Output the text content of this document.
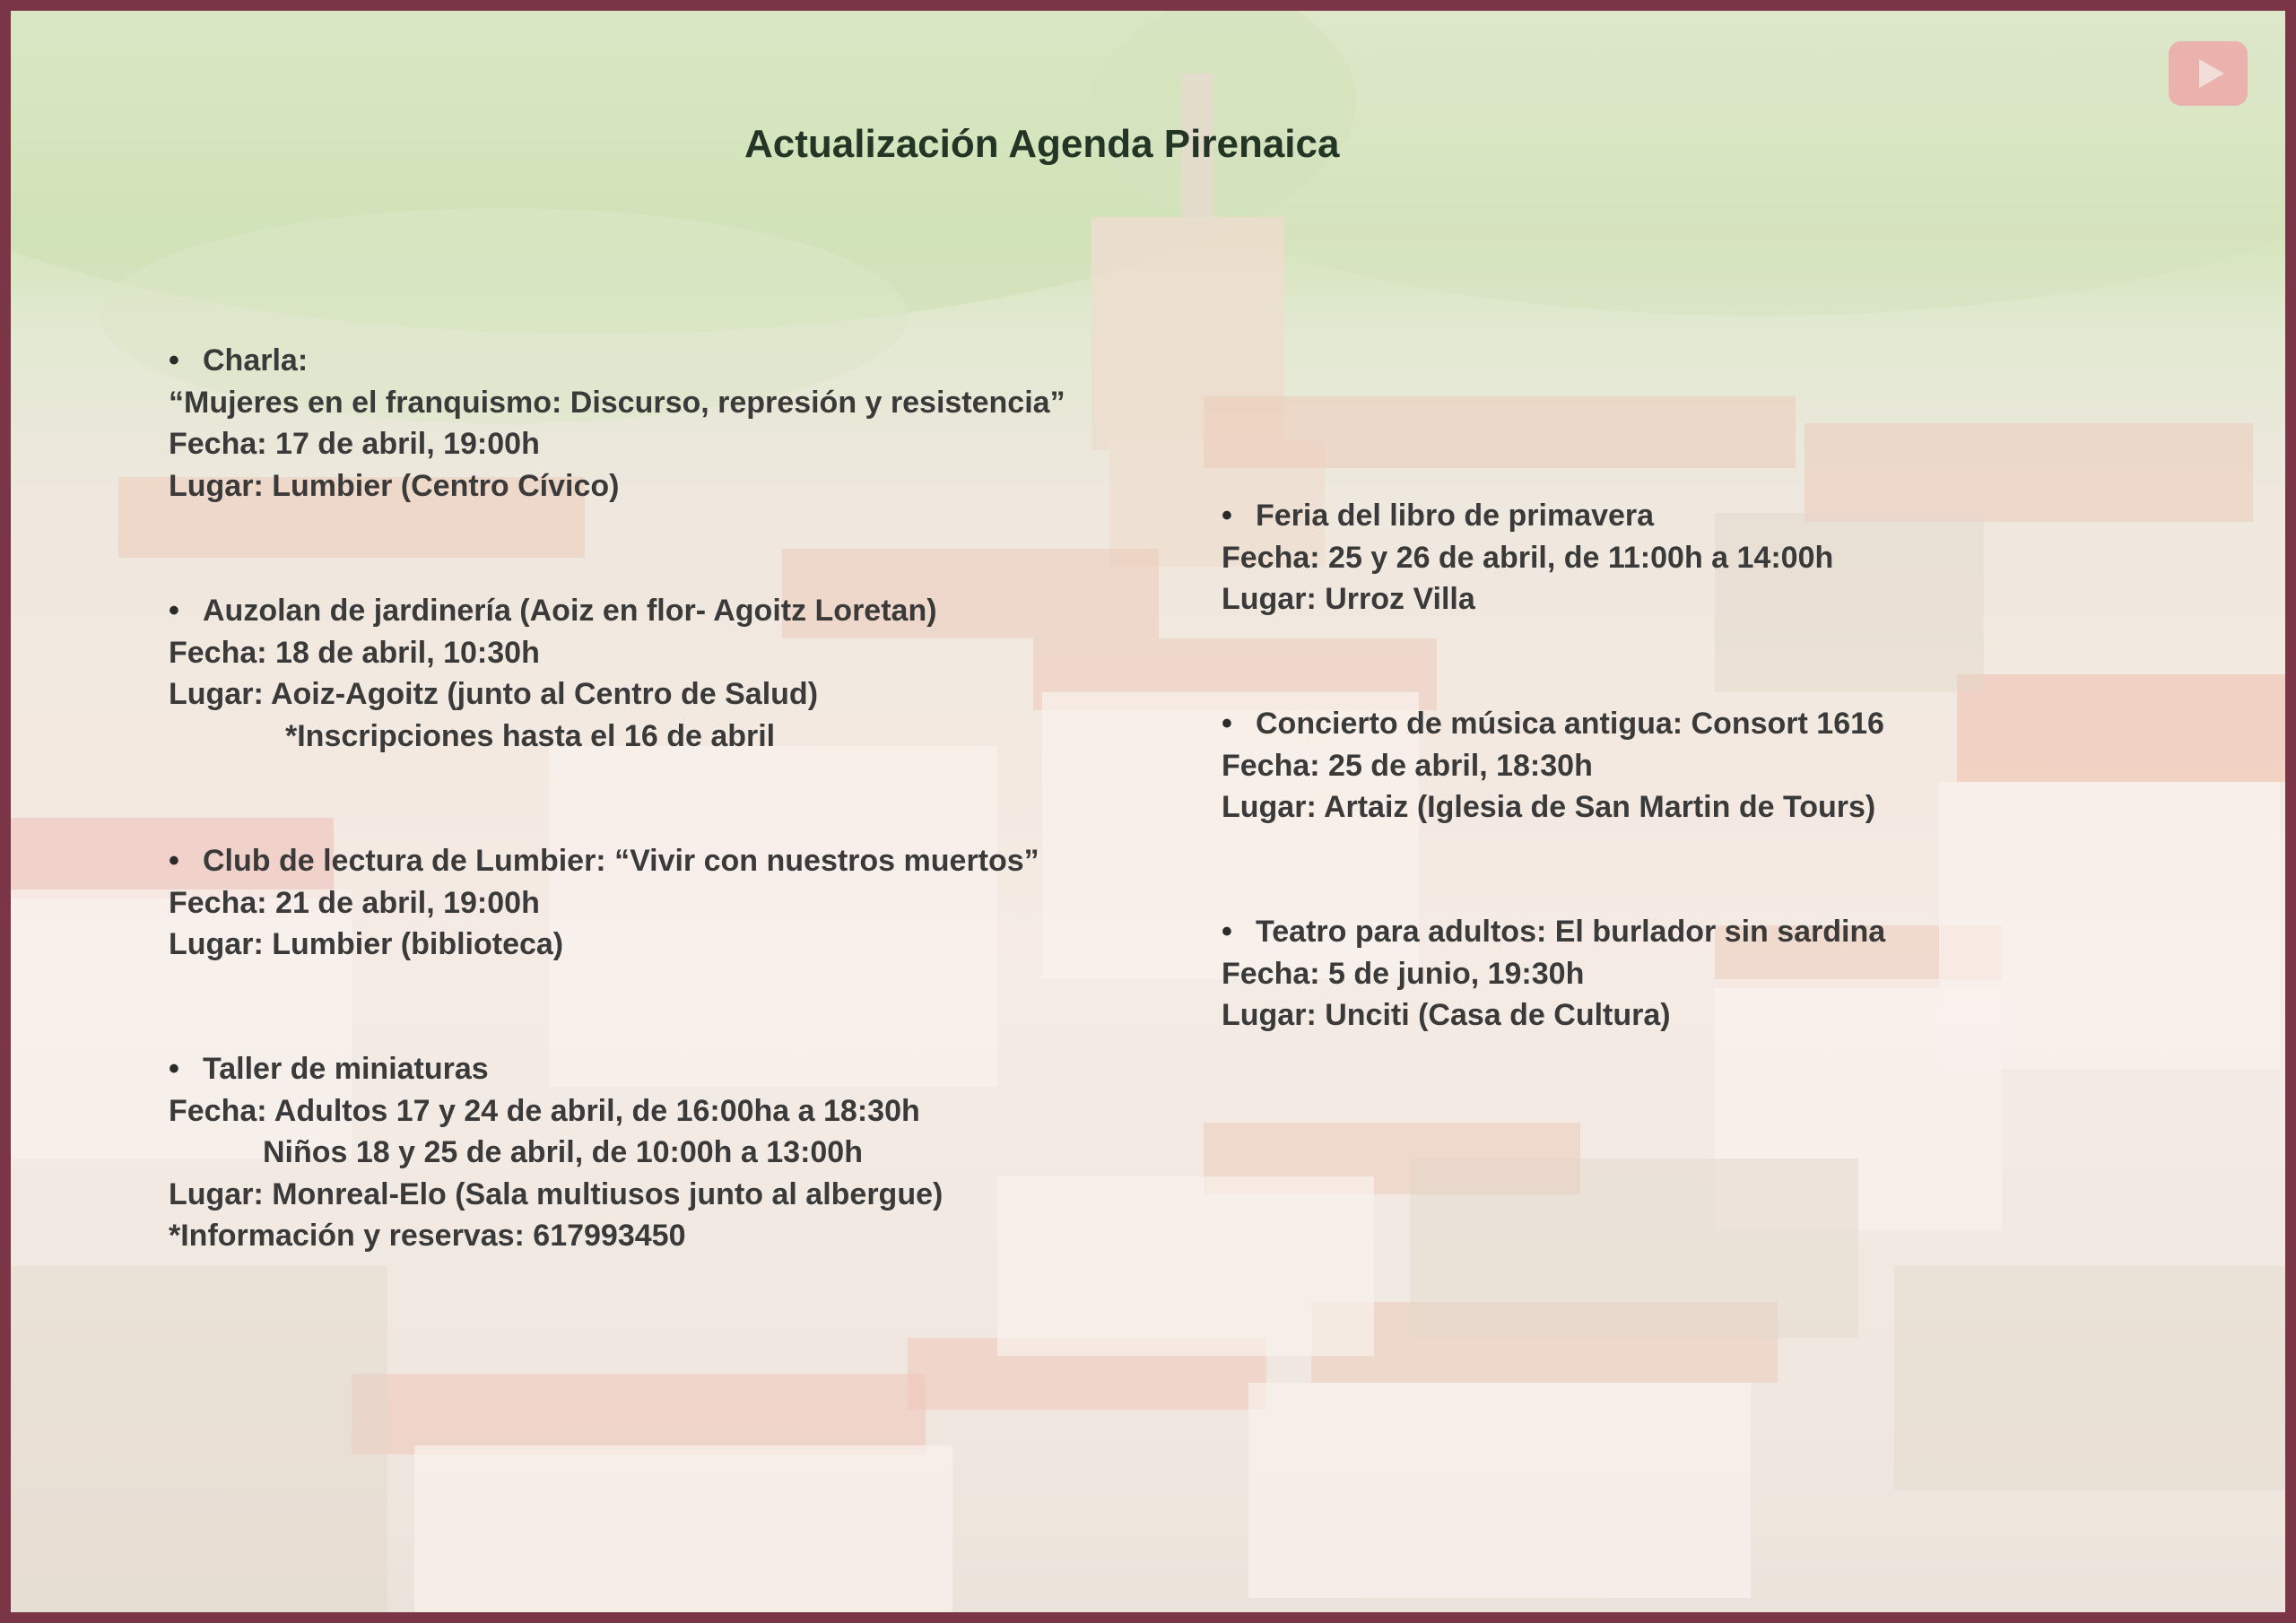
Actualización Agenda Pirenaica
• Charla:
“Mujeres en el franquismo: Discurso, represión y resistencia”
Fecha: 17 de abril, 19:00h
Lugar: Lumbier (Centro Cívico)
• Auzolan de jardinería (Aoiz en flor- Agoitz Loretan)
Fecha: 18 de abril, 10:30h
Lugar: Aoiz-Agoitz (junto al Centro de Salud)
*Inscripciones hasta el 16 de abril
• Club de lectura de Lumbier: “Vivir con nuestros muertos”
Fecha: 21 de abril, 19:00h
Lugar: Lumbier (biblioteca)
• Taller de miniaturas
Fecha: Adultos 17 y 24 de abril, de 16:00ha a 18:30h
Niños 18 y 25 de abril, de 10:00h a 13:00h
Lugar: Monreal-Elo (Sala multiusos junto al albergue)
*Información y reservas: 617993450
• Feria del libro de primavera
Fecha: 25 y 26 de abril, de 11:00h a 14:00h
Lugar: Urroz Villa
• Concierto de música antigua: Consort 1616
Fecha: 25 de abril, 18:30h
Lugar: Artaiz (Iglesia de San Martin de Tours)
• Teatro para adultos: El burlador sin sardina
Fecha: 5 de junio, 19:30h
Lugar: Unciti (Casa de Cultura)
